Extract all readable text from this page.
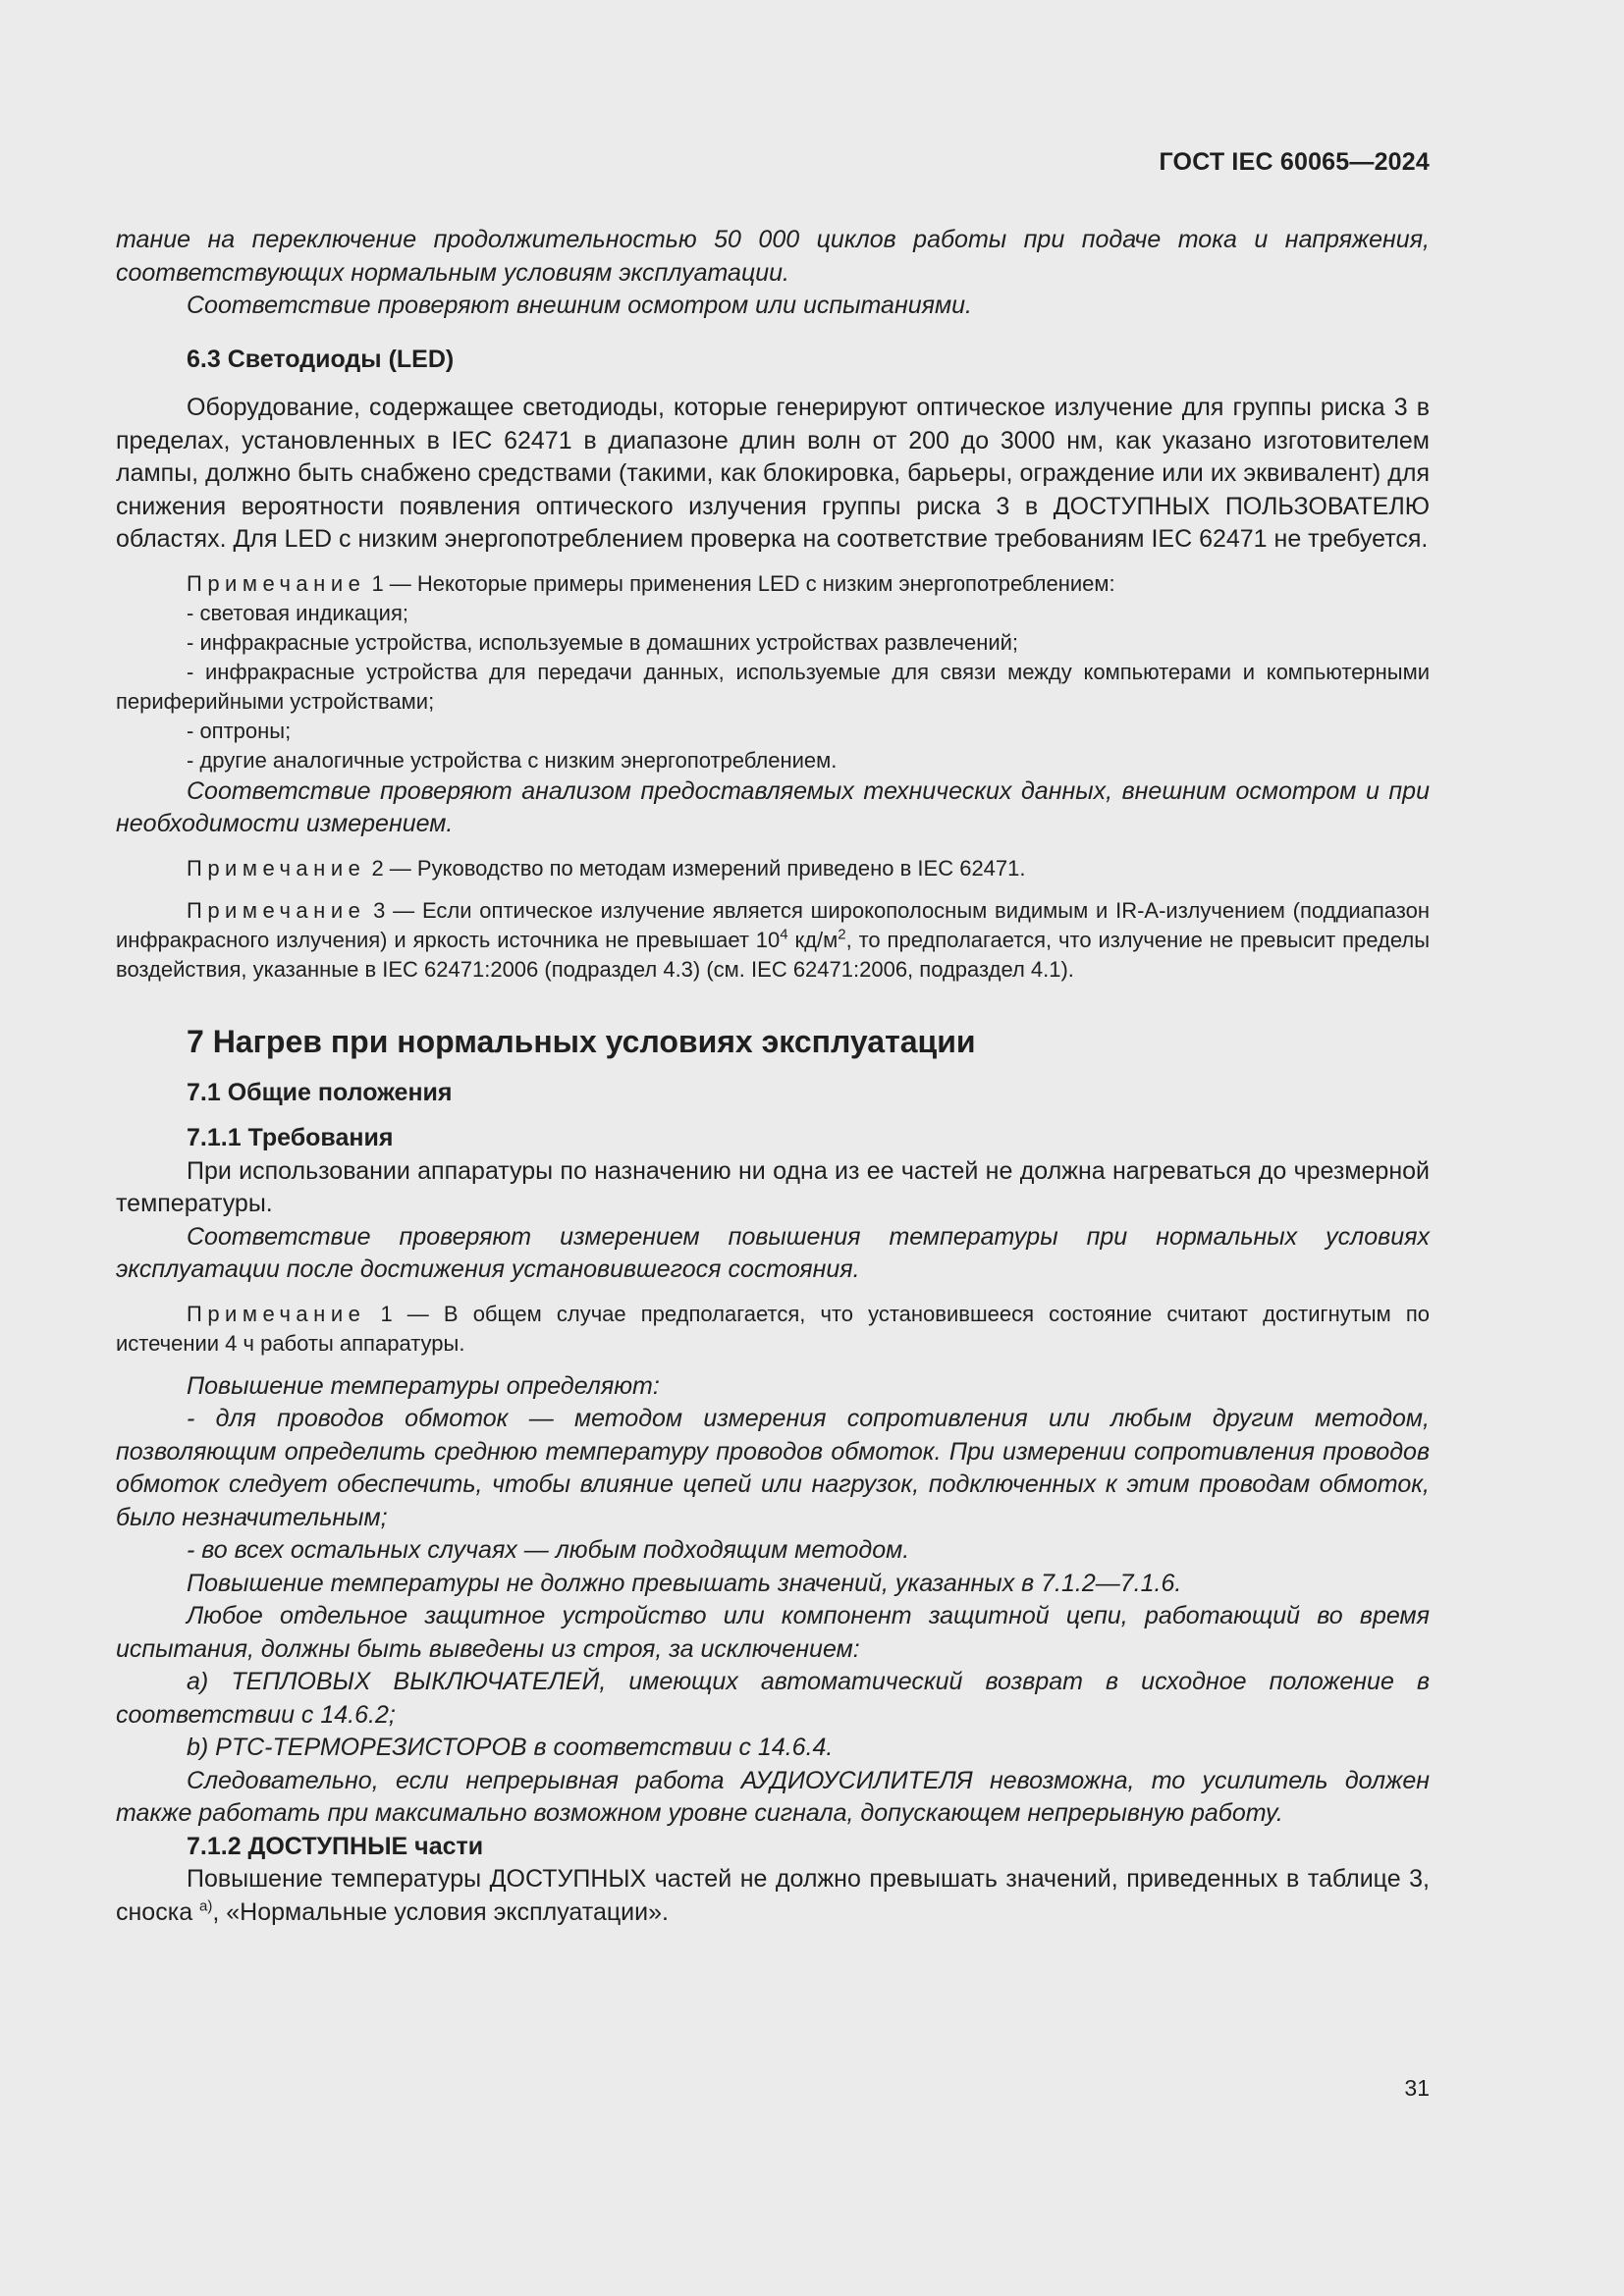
ГОСТ IEC 60065—2024

тание на переключение продолжительностью 50 000 циклов работы при подаче тока и напряжения, соответствующих нормальным условиям эксплуатации.

Соответствие проверяют внешним осмотром или испытаниями.

6.3 Светодиоды (LED)

Оборудование, содержащее светодиоды, которые генерируют оптическое излучение для группы риска 3 в пределах, установленных в IEC 62471 в диапазоне длин волн от 200 до 3000 нм, как указано изготовителем лампы, должно быть снабжено средствами (такими, как блокировка, барьеры, ограждение или их эквивалент) для снижения вероятности появления оптического излучения группы риска 3 в ДОСТУПНЫХ ПОЛЬЗОВАТЕЛЮ областях. Для LED с низким энергопотреблением проверка на соответствие требованиям IEC 62471 не требуется.

Примечание 1 — Некоторые примеры применения LED с низким энергопотреблением:
- световая индикация;
- инфракрасные устройства, используемые в домашних устройствах развлечений;
- инфракрасные устройства для передачи данных, используемые для связи между компьютерами и компьютерными периферийными устройствами;
- оптроны;
- другие аналогичные устройства с низким энергопотреблением.

Соответствие проверяют анализом предоставляемых технических данных, внешним осмотром и при необходимости измерением.

Примечание 2 — Руководство по методам измерений приведено в IEC 62471.
Примечание 3 — Если оптическое излучение является широкополосным видимым и IR-A-излучением (поддиапазон инфракрасного излучения) и яркость источника не превышает $10^4$ $кд/м^2$, то предполагается, что излучение не превысит пределы воздействия, указанные в IEC 62471:2006 (подраздел 4.3) (см. IEC 62471:2006, подраздел 4.1).
7 Нагрев при нормальных условиях эксплуатации
7.1 Общие положения
7.1.1 Требования

При использовании аппаратуры по назначению ни одна из ее частей не должна нагреваться до чрезмерной температуры.

Соответствие проверяют измерением повышения температуры при нормальных условиях эксплуатации после достижения установившегося состояния.

Примечание 1 — В общем случае предполагается, что установившееся состояние считают достигнутым по истечении 4 ч работы аппаратуры.

Повышение температуры определяют:

- для проводов обмоток — методом измерения сопротивления или любым другим методом, позволяющим определить среднюю температуру проводов обмоток. При измерении сопротивления проводов обмоток следует обеспечить, чтобы влияние цепей или нагрузок, подключенных к этим проводам обмоток, было незначительным;

- во всех остальных случаях — любым подходящим методом.

Повышение температуры не должно превышать значений, указанных в 7.1.2—7.1.6.

Любое отдельное защитное устройство или компонент защитной цепи, работающий во время испытания, должны быть выведены из строя, за исключением:

a) ТЕПЛОВЫХ ВЫКЛЮЧАТЕЛЕЙ, имеющих автоматический возврат в исходное положение в соответствии с 14.6.2;

b) PTC-ТЕРМОРЕЗИСТОРОВ в соответствии с 14.6.4.

Следовательно, если непрерывная работа АУДИОУСИЛИТЕЛЯ невозможна, то усилитель должен также работать при максимально возможном уровне сигнала, допускающем непрерывную работу.

7.1.2 ДОСТУПНЫЕ части

Повышение температуры ДОСТУПНЫХ частей не должно превышать значений, приведенных в таблице 3, сноска $^{а)}$, «Нормальные условия эксплуатации».

31
